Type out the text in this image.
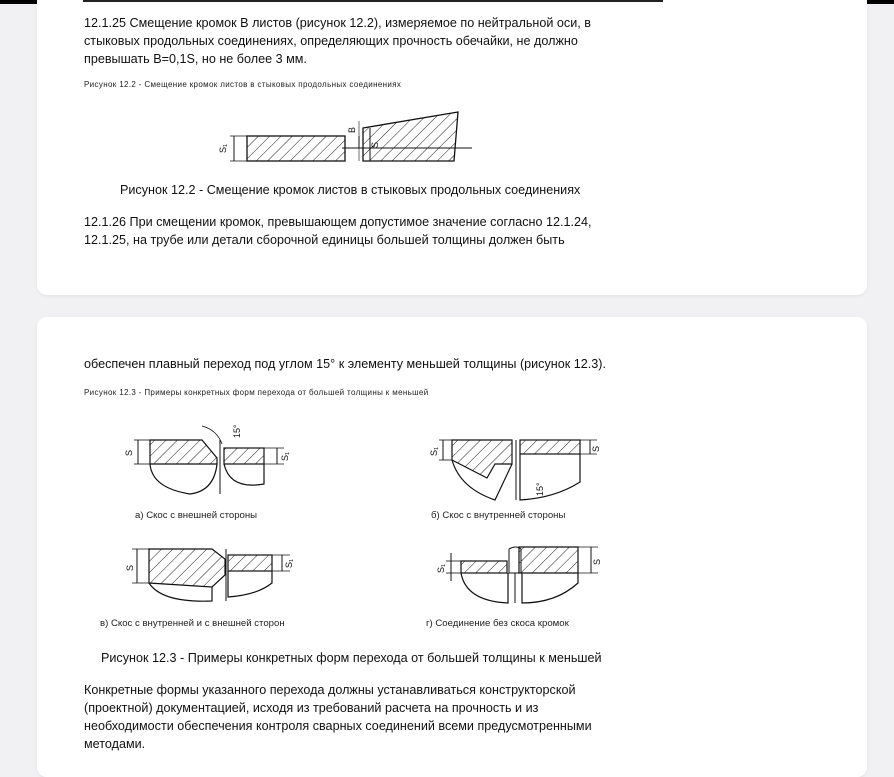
12.1.25 Смещение кромок B листов (рисунок 12.2), измеряемое по нейтральной оси, в
стыковых продольных соединениях, определяющих прочность обечайки, не должно
превышать B=0,1S, но не более 3 мм.
Рисунок 12.2 - Смещение кромок листов в стыковых продольных соединениях
S₁
B
S
Рисунок 12.2 - Смещение кромок листов в стыковых продольных соединениях
12.1.26 При смещении кромок, превышающем допустимое значение согласно 12.1.24,
12.1.25, на трубе или детали сборочной единицы большей толщины должен быть
обеспечен плавный переход под углом 15° к элементу меньшей толщины (рисунок 12.3).
Рисунок 12.3 - Примеры конкретных форм перехода от большей толщины к меньшей
S	S₁
15°
а) Скос с внешней стороны
S₁	S
15°
б) Скос с внутренней стороны
S	S₁
в) Скос с внутренней и с внешней сторон
S₁
S
г) Соединение без скоса кромок
Рисунок 12.3 - Примеры конкретных форм перехода от большей толщины к меньшей
Конкретные формы указанного перехода должны устанавливаться конструкторской
(проектной) документацией, исходя из требований расчета на прочность и из
необходимости обеспечения контроля сварных соединений всеми предусмотренными
методами.
